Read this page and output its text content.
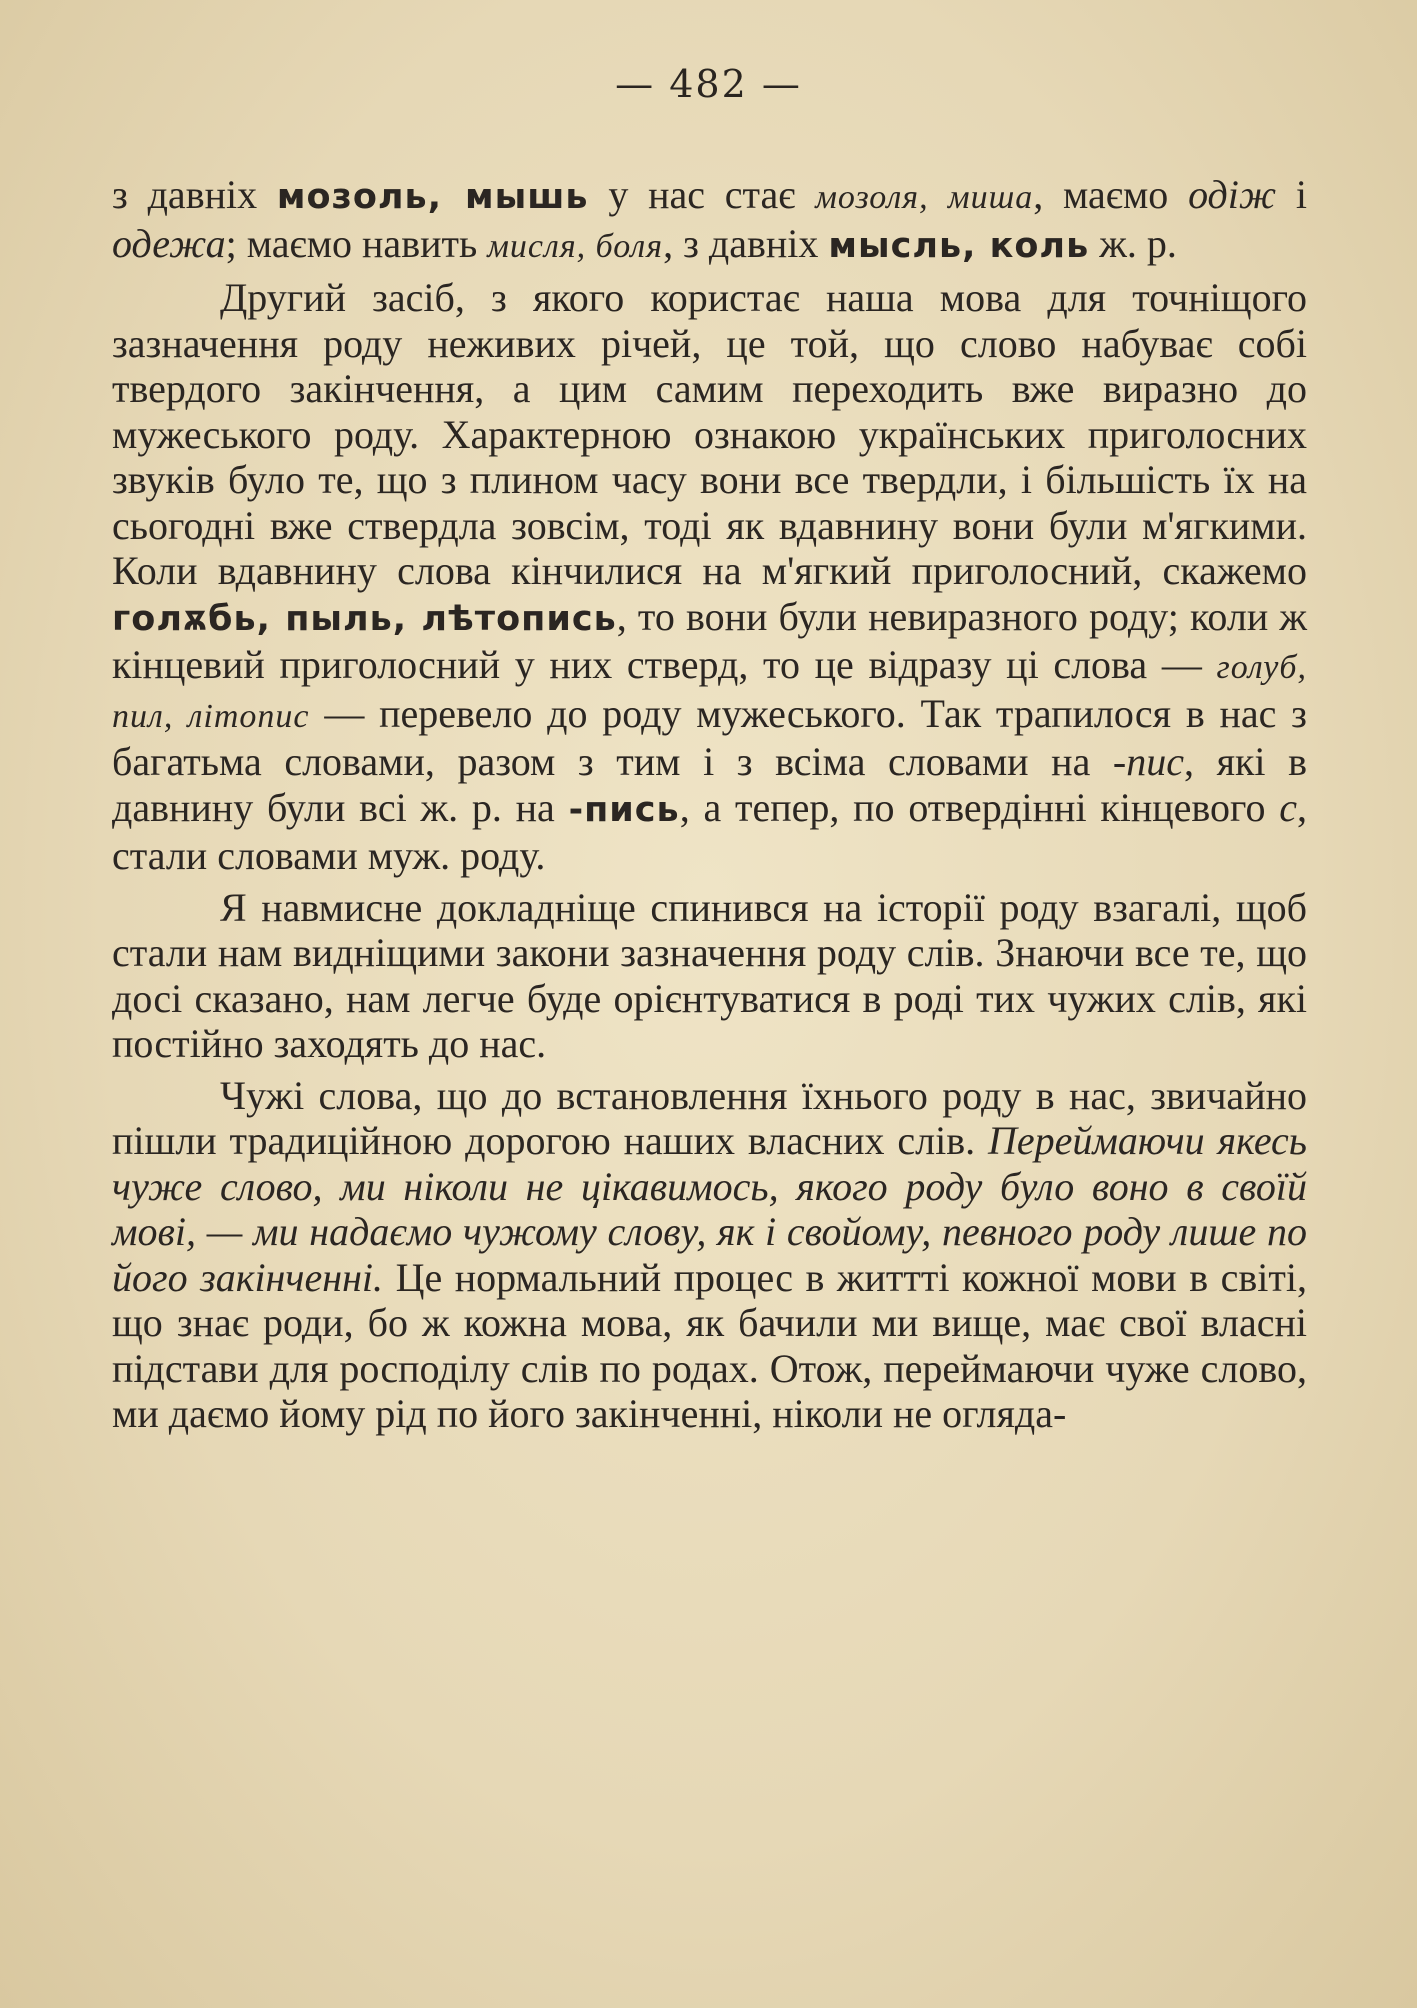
— 482 —

з давніх мозоль, мышь у нас стає мозоля, миша, маємо одіж і одежа; маємо навить мисля, боля, з давніх мысль, коль ж. р.

Другий засіб, з якого користає наша мова для точніщого зазначення роду неживих річей, це той, що слово набуває собі твердого закінчення, а цим самим переходить вже виразно до мужеського роду. Характерною ознакою українських приголосних звуків було те, що з плином часу вони все твердли, і більшість їх на сьогодні вже ствердла зовсім, тоді як вдавнину вони були м'ягкими. Коли вдавнину слова кінчилися на м'ягкий приголосний, скажемо голѫбь, пыль, лѣтопись, то вони були невиразного роду; коли ж кінцевий приголосний у них стверд, то це відразу ці слова — голуб, пил, літопис — перевело до роду мужеського. Так трапилося в нас з багатьма словами, разом з тим і з всіма словами на -пис, які в давнину були всі ж. р. на -пись, а тепер, по отвердінні кінцевого с, стали словами муж. роду.

Я навмисне докладніще спинився на історії роду взагалі, щоб стали нам видніщими закони зазначення роду слів. Знаючи все те, що досі сказано, нам легче буде орієнтуватися в роді тих чужих слів, які постійно заходять до нас.

Чужі слова, що до встановлення їхнього роду в нас, звичайно пішли традиційною дорогою наших власних слів. Переймаючи якесь чуже слово, ми ніколи не цікавимось, якого роду було воно в своїй мові, — ми надаємо чужому слову, як і свойому, певного роду лише по його закінченні. Це нормальний процес в життті кожної мови в світі, що знає роди, бо ж кожна мова, як бачили ми вище, має свої власні підстави для росподілу слів по родах. Отож, переймаючи чуже слово, ми даємо йому рід по його закінченні, ніколи не огляда-
